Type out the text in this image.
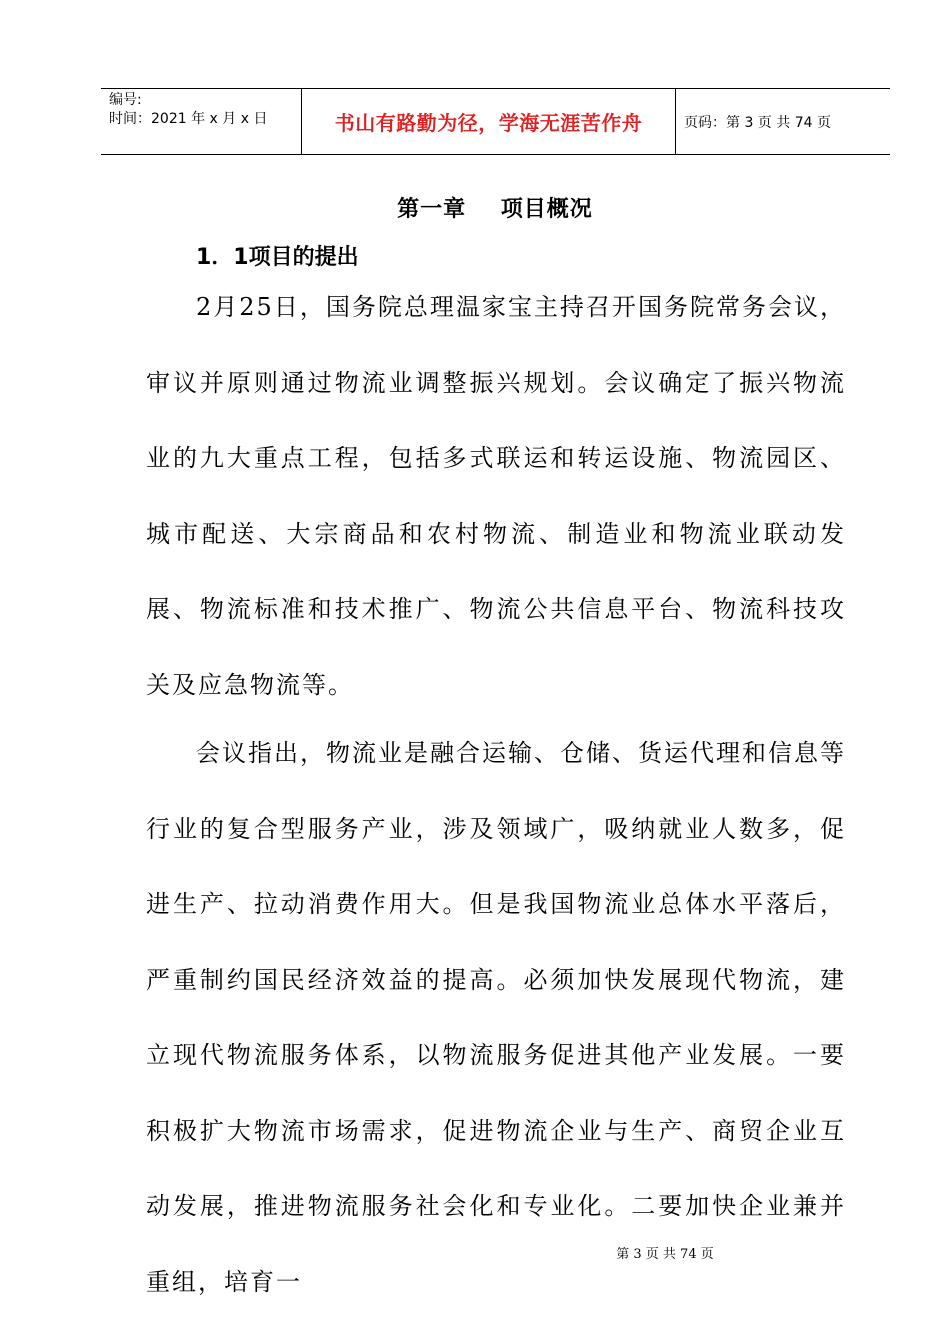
编号:
时间：2021 年 x 月 x 日	书山有路勤为径，学海无涯苦作舟	页码：第 3 页 共 74 页
第一章    项目概况
1．1项目的提出

2月25日，国务院总理温家宝主持召开国务院常务会议，审议并原则通过物流业调整振兴规划。会议确定了振兴物流业的九大重点工程，包括多式联运和转运设施、物流园区、城市配送、大宗商品和农村物流、制造业和物流业联动发展、物流标准和技术推广、物流公共信息平台、物流科技攻关及应急物流等。

会议指出，物流业是融合运输、仓储、货运代理和信息等行业的复合型服务产业，涉及领域广，吸纳就业人数多，促进生产、拉动消费作用大。但是我国物流业总体水平落后，严重制约国民经济效益的提高。必须加快发展现代物流，建立现代物流服务体系，以物流服务促进其他产业发展。一要积极扩大物流市场需求，促进物流企业与生产、商贸企业互动发展，推进物流服务社会化和专业化。二要加快企业兼并重组，培育一

第 3 页 共 74 页
